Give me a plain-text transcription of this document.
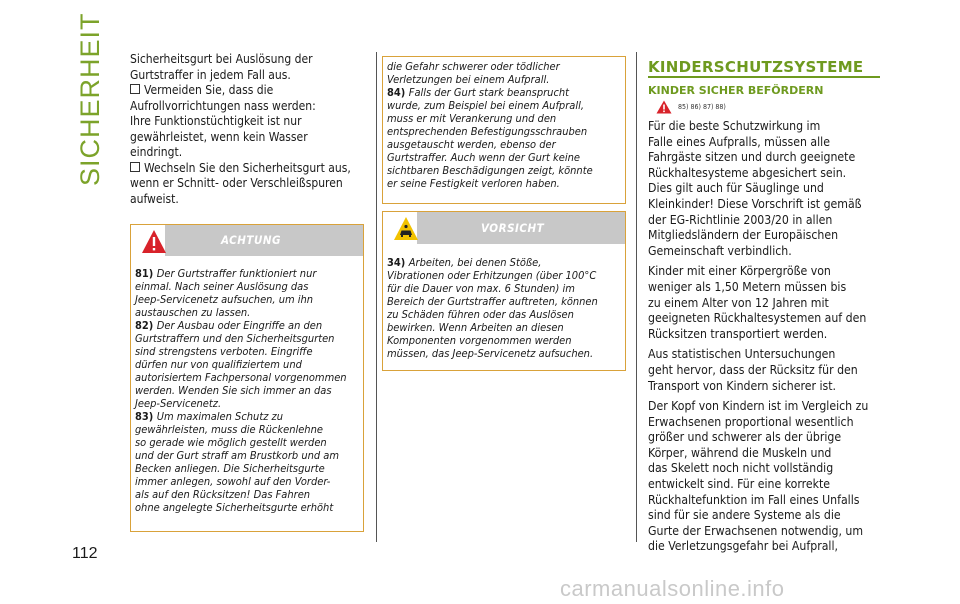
SICHERHEIT
112

Sicherheitsgurt bei Auslösung der
Gurtstraffer in jedem Fall aus.

Vermeiden Sie, dass die
Aufrollvorrichtungen nass werden:
Ihre Funktionstüchtigkeit ist nur
gewährleistet, wenn kein Wasser
eindringt.

Wechseln Sie den Sicherheitsgurt aus,
wenn er Schnitt- oder Verschleißspuren
aufweist.

ACHTUNG

81) Der Gurtstraffer funktioniert nur
einmal. Nach seiner Auslösung das
Jeep-Servicenetz aufsuchen, um ihn
austauschen zu lassen.

82) Der Ausbau oder Eingriffe an den
Gurtstraffern und den Sicherheitsgurten
sind strengstens verboten. Eingriffe
dürfen nur von qualifiziertem und
autorisiertem Fachpersonal vorgenommen
werden. Wenden Sie sich immer an das
Jeep-Servicenetz.

83) Um maximalen Schutz zu
gewährleisten, muss die Rückenlehne
so gerade wie möglich gestellt werden
und der Gurt straff am Brustkorb und am
Becken anliegen. Die Sicherheitsgurte
immer anlegen, sowohl auf den Vorder-
als auf den Rücksitzen! Das Fahren
ohne angelegte Sicherheitsgurte erhöht

die Gefahr schwerer oder tödlicher
Verletzungen bei einem Aufprall.

84) Falls der Gurt stark beansprucht
wurde, zum Beispiel bei einem Aufprall,
muss er mit Verankerung und den
entsprechenden Befestigungsschrauben
ausgetauscht werden, ebenso der
Gurtstraffer. Auch wenn der Gurt keine
sichtbaren Beschädigungen zeigt, könnte
er seine Festigkeit verloren haben.

VORSICHT

34) Arbeiten, bei denen Stöße,
Vibrationen oder Erhitzungen (über 100°C
für die Dauer von max. 6 Stunden) im
Bereich der Gurtstraffer auftreten, können
zu Schäden führen oder das Auslösen
bewirken. Wenn Arbeiten an diesen
Komponenten vorgenommen werden
müssen, das Jeep-Servicenetz aufsuchen.

KINDERSCHUTZSYSTEME
KINDER SICHER BEFÖRDERN
85) 86) 87) 88)

Für die beste Schutzwirkung im
Falle eines Aufpralls, müssen alle
Fahrgäste sitzen und durch geeignete
Rückhaltesysteme abgesichert sein.
Dies gilt auch für Säuglinge und
Kleinkinder! Diese Vorschrift ist gemäß
der EG-Richtlinie 2003/20 in allen
Mitgliedsländern der Europäischen
Gemeinschaft verbindlich.

Kinder mit einer Körpergröße von
weniger als 1,50 Metern müssen bis
zu einem Alter von 12 Jahren mit
geeigneten Rückhaltesystemen auf den
Rücksitzen transportiert werden.

Aus statistischen Untersuchungen
geht hervor, dass der Rücksitz für den
Transport von Kindern sicherer ist.

Der Kopf von Kindern ist im Vergleich zu
Erwachsenen proportional wesentlich
größer und schwerer als der übrige
Körper, während die Muskeln und
das Skelett noch nicht vollständig
entwickelt sind. Für eine korrekte
Rückhaltefunktion im Fall eines Unfalls
sind für sie andere Systeme als die
Gurte der Erwachsenen notwendig, um
die Verletzungsgefahr bei Aufprall,

carmanualsonline.info
